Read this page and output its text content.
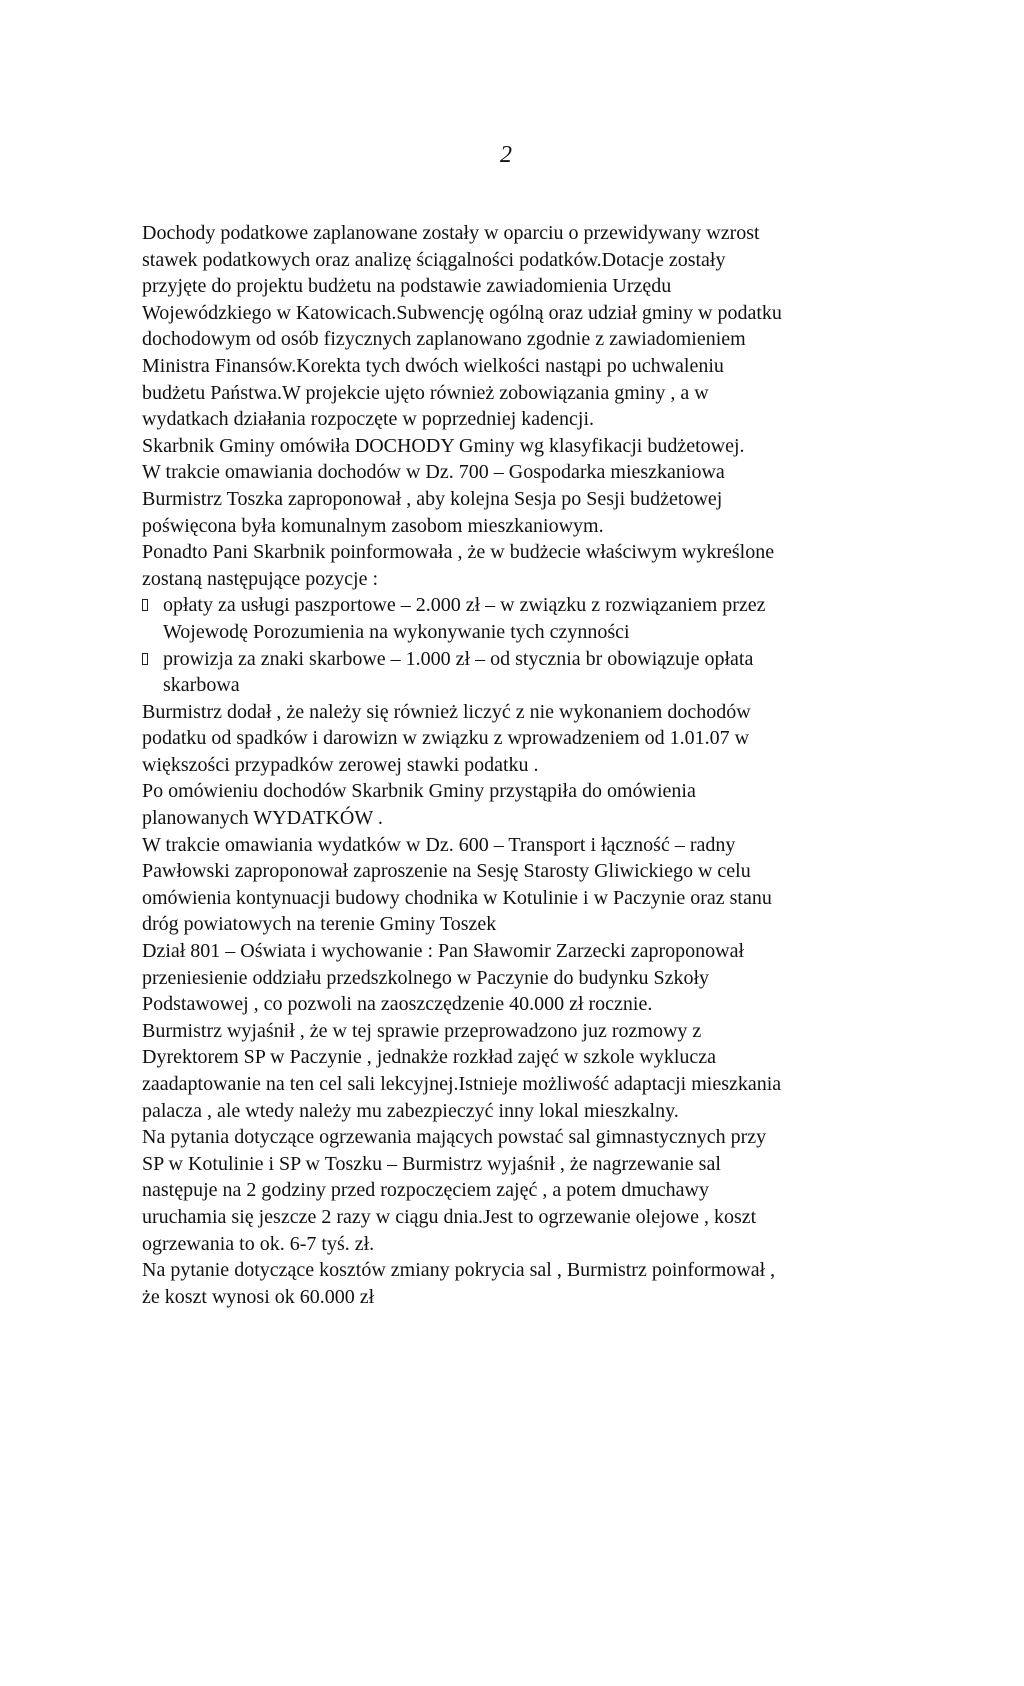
2
Dochody podatkowe zaplanowane zostały w oparciu o przewidywany wzrost
stawek podatkowych oraz analizę ściągalności podatków.Dotacje zostały
przyjęte do projektu budżetu na podstawie zawiadomienia Urzędu
Wojewódzkiego w Katowicach.Subwencję ogólną oraz udział gminy w podatku
dochodowym od osób fizycznych zaplanowano zgodnie z zawiadomieniem
Ministra Finansów.Korekta tych dwóch wielkości nastąpi po uchwaleniu
budżetu Państwa.W projekcie ujęto również zobowiązania gminy , a w
wydatkach działania rozpoczęte w poprzedniej kadencji.
Skarbnik Gminy omówiła DOCHODY Gminy wg klasyfikacji budżetowej.
W trakcie omawiania dochodów w Dz. 700 – Gospodarka mieszkaniowa
Burmistrz Toszka zaproponował , aby kolejna Sesja po Sesji budżetowej
poświęcona była komunalnym zasobom mieszkaniowym.
Ponadto Pani Skarbnik poinformowała , że w budżecie właściwym wykreślone
zostaną następujące pozycje :
opłaty za usługi paszportowe – 2.000 zł – w związku z rozwiązaniem przez
Wojewodę Porozumienia na wykonywanie tych czynności
prowizja za znaki skarbowe – 1.000 zł – od stycznia br obowiązuje opłata
skarbowa
Burmistrz dodał , że należy się również liczyć z nie wykonaniem dochodów
podatku od spadków i darowizn w związku z wprowadzeniem od 1.01.07 w
większości przypadków zerowej stawki podatku .
Po omówieniu dochodów Skarbnik Gminy przystąpiła do omówienia
planowanych WYDATKÓW .
W trakcie omawiania wydatków w Dz. 600 – Transport i łączność – radny
Pawłowski zaproponował zaproszenie na Sesję Starosty Gliwickiego w celu
omówienia kontynuacji budowy chodnika w Kotulinie i w Paczynie oraz stanu
dróg powiatowych na terenie Gminy Toszek
Dział 801 – Oświata i wychowanie : Pan Sławomir Zarzecki zaproponował
przeniesienie oddziału przedszkolnego w Paczynie do budynku Szkoły
Podstawowej , co pozwoli na zaoszczędzenie 40.000 zł rocznie.
Burmistrz wyjaśnił , że w tej sprawie przeprowadzono juz rozmowy z
Dyrektorem SP w Paczynie , jednakże rozkład zajęć w szkole wyklucza
zaadaptowanie na ten cel sali lekcyjnej.Istnieje możliwość adaptacji mieszkania
palacza , ale wtedy należy mu zabezpieczyć inny lokal mieszkalny.
Na pytania dotyczące ogrzewania mających powstać sal gimnastycznych przy
SP w Kotulinie i SP w Toszku – Burmistrz wyjaśnił , że nagrzewanie sal
następuje na 2 godziny przed rozpoczęciem zajęć , a potem dmuchawy
uruchamia się jeszcze 2 razy w ciągu dnia.Jest to ogrzewanie olejowe , koszt
ogrzewania to ok. 6-7 tyś. zł.
Na pytanie dotyczące kosztów zmiany pokrycia sal , Burmistrz poinformował ,
że koszt wynosi ok 60.000 zł
